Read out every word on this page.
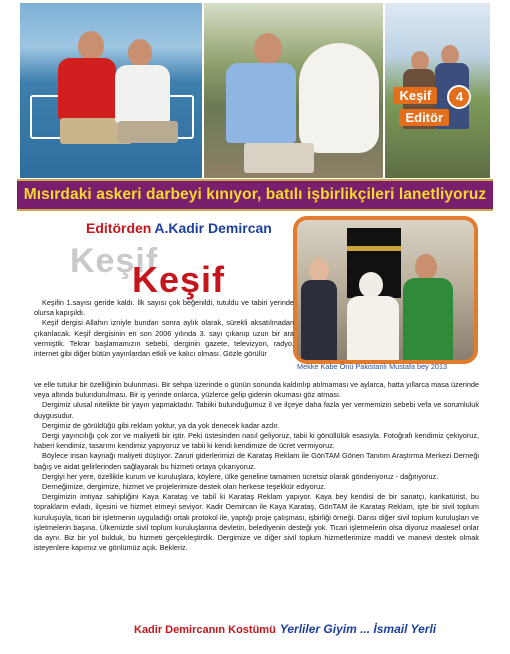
Keşif	4
Editör
Mısırdaki askeri darbeyi kınıyor, batılı işbirlikçileri lanetliyoruz
Editörden A.Kadir Demircan
Keşif
Keşif
Mekke Kabe Önü Pakistanlı Mustafa bey 2013

Keşifin 1.sayısı geride kaldı. İlk sayısı çok beğenildi, tutuldu ve tabiri yerinde olursa kapışıldı.

Keşif dergisi Allahın izniyle bundan sonra aylık olarak, sürekli aksatılmadan çıkarılacak. Keşif dergisinin en son 2006 yılında 3. sayı çıkanıp uzun bir ara vermiştik. Tekrar başlamamızın sebebi, derginin gazete, televizyon, radyo, internet gibi diğer bütün yayınlardan etkili ve kalıcı olması. Gözle görülür

ve elle tutulur bir özelliğinin bulunması. Bir sehpa üzerinde o günün sonunda kaldırılıp atılmaması ve aylarca, hatta yıllarca masa üzerinde veya altında bulundurulması. Bir iş yerinde onlarca, yüzlerce gelip gidenin okuması göz atması.

Dergimiz ulusal nitelikte bir yayın yapmaktadır. Tabiiki bulunduğumuz il ve ilçeye daha fazla yer vermemizin sebebi vefa ve sorumluluk duygusudur.

Dergimiz de görüldüğü gibi reklam yoktur, ya da yok denecek kadar azdır.

Dergi yayıncılığı çok zor ve maliyetli bir iştir. Peki üstesinden nasıl geliyoruz, tabii ki gönüllülük esasıyla. Fotoğrafı kendimiz çekiyoruz, haberi kendimiz, tasarımı kendimiz yapıyoruz ve tabii ki kendi kendimize de ücret vermiyoruz.

Böylece insan kaynağı maliyeti düşüyor. Zaruri giderlerimizi de Karataş Reklam ile GönTAM Gönen Tanıtım Araştırma Merkezi Derneği bağış ve aidat gelirlerinden sağlayarak bu hizmeti ortaya çıkarıyoruz.

Dergiyi her yere, özellikle kurum ve kuruluşlara, köylere, ülke geneline tamamen ücretsiz olarak gönderiyoruz - dağıtıyoruz.

Derneğimize, dergimize, hizmet ve projelerimize destek olan herkese teşekkür ediyoruz.

Dergimizin imtiyaz sahipliğini Kaya Karataş ve tabiî ki Karataş Reklam yapıyor. Kaya bey kendisi de bir sanatçı, karikatürist, bu toprakların evladı, ilçesini ve hizmet etmeyi seviyor. Kadir Demircan ile Kaya Karataş, GönTAM ile Karataş Reklam, işte bir sivil toplum kuruluşuyla, ticari bir işletmenin uyguladığı ortak protokol ile, yaptığı proje çalışması, işbirliği örneği. Darısı diğer sivil toplum kuruluşları ve işletmelerin başına. Ülkemizde sivil toplum kuruluşlarına devletin, belediyenin desteği yok. Ticari işletmelerin olsa diyoruz maalesef onlar da aynı. Biz bir yol bulduk, bu hizmeti gerçekleştirdik. Dergimize ve diğer sivil toplum hizmetlerimize maddi ve manevi destek olmak isteyenlere kapımız ve gönlümüz açık. Bekleriz.

Kadir Demircanın Kostümü Yerliler Giyim ... İsmail Yerli
